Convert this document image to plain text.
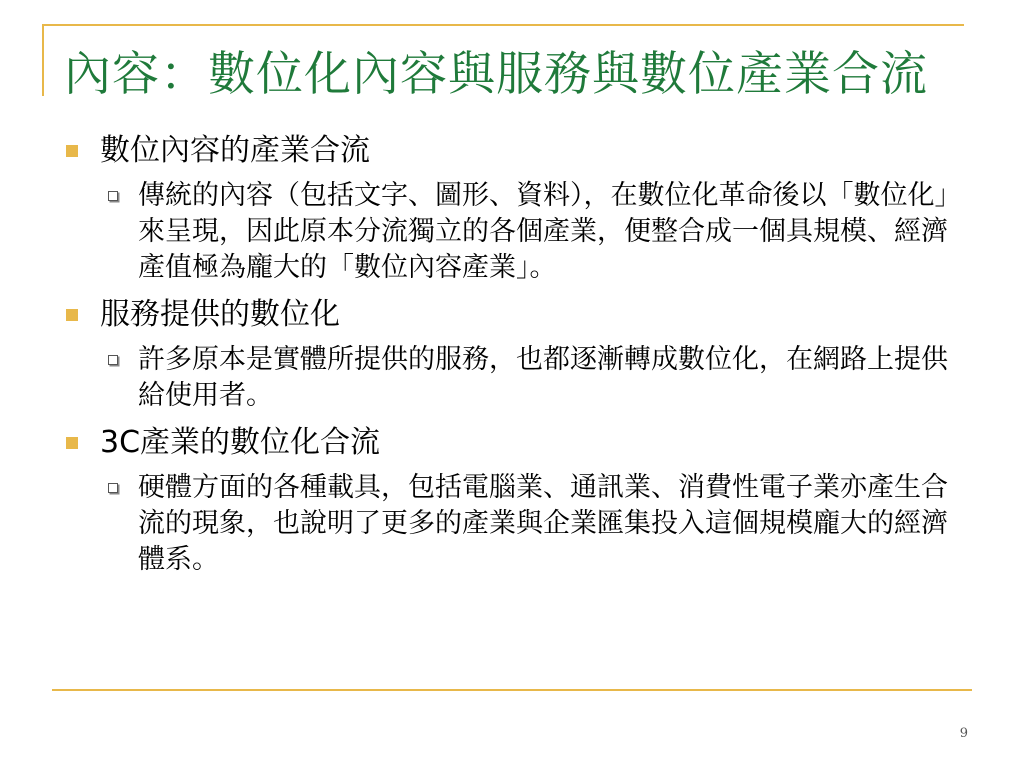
內容：數位化內容與服務與數位產業合流
數位內容的產業合流
傳統的內容（包括文字、圖形、資料），在數位化革命後以「數位化」來呈現，因此原本分流獨立的各個產業，便整合成一個具規模、經濟產值極為龐大的「數位內容產業」。
服務提供的數位化
許多原本是實體所提供的服務，也都逐漸轉成數位化，在網路上提供給使用者。
3C產業的數位化合流
硬體方面的各種載具，包括電腦業、通訊業、消費性電子業亦產生合流的現象，也說明了更多的產業與企業匯集投入這個規模龐大的經濟體系。
9
